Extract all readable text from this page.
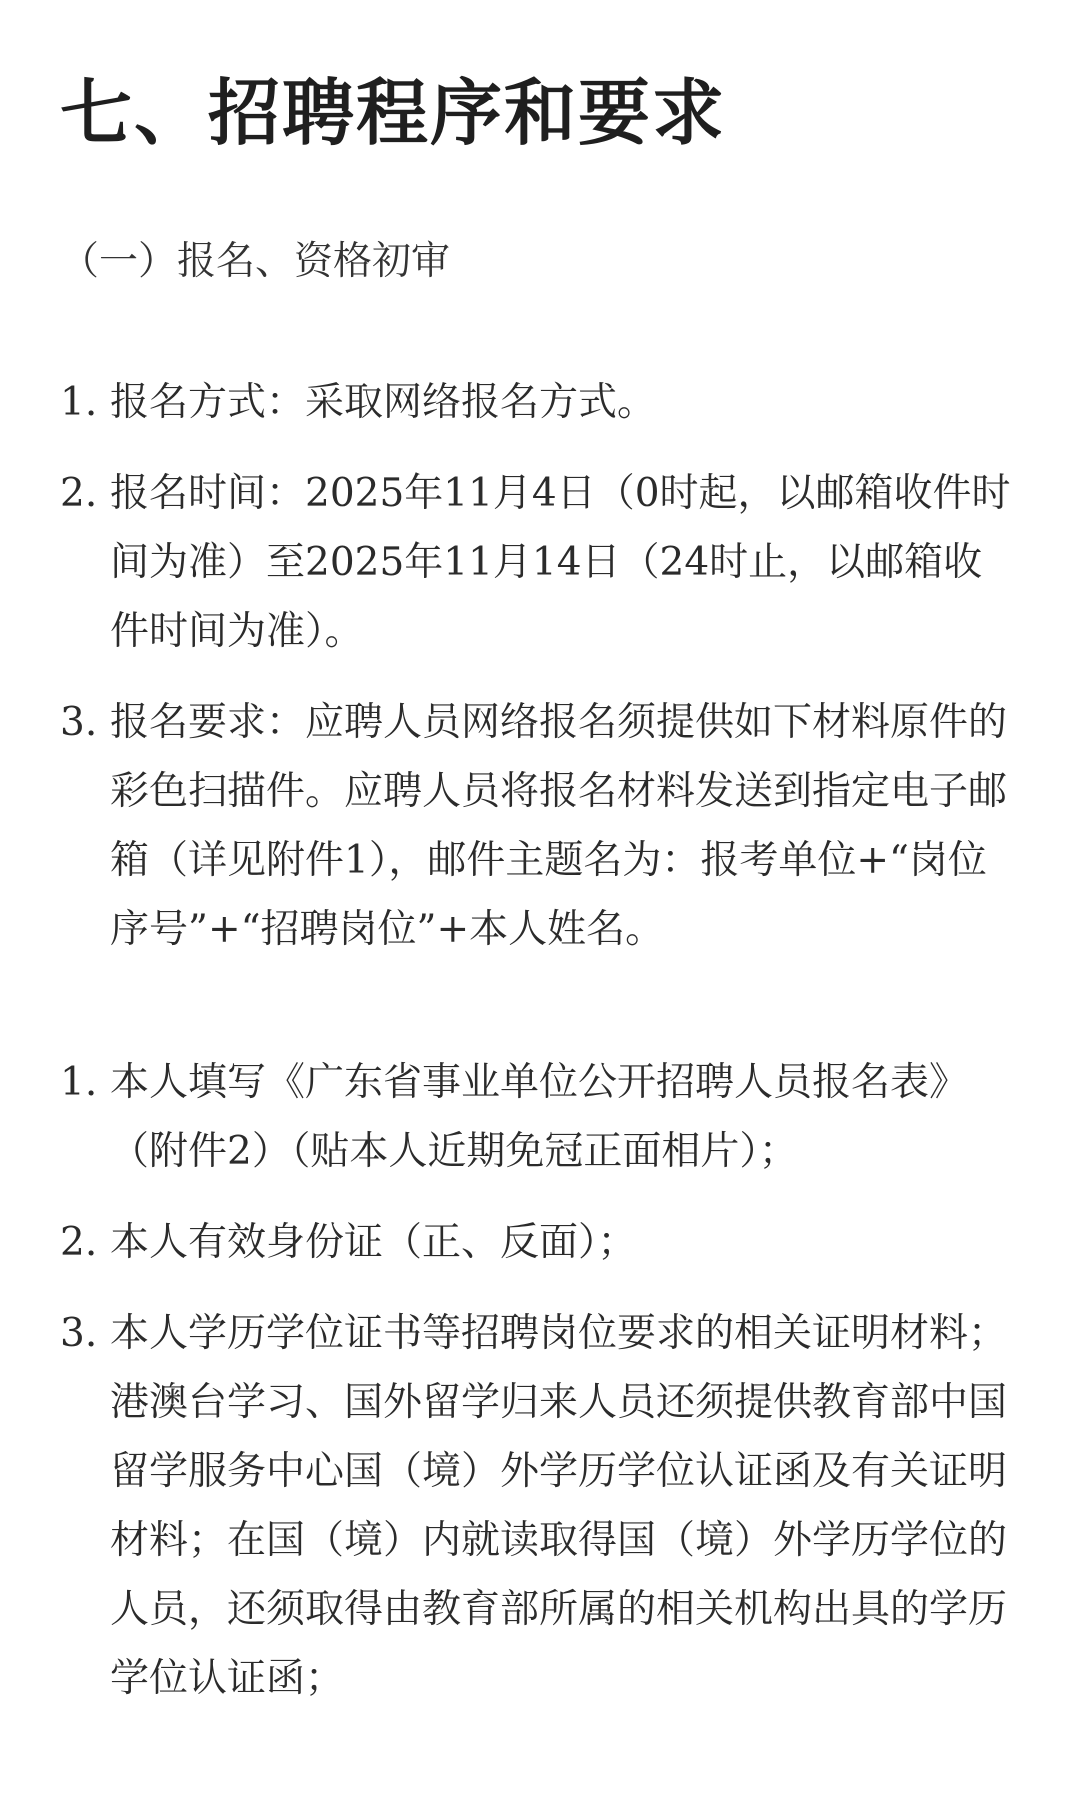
七、招聘程序和要求
（一）报名、资格初审
1. 报名方式：采取网络报名方式。
2. 报名时间：2025年11月4日（0时起，以邮箱收件时间为准）至2025年11月14日（24时止，以邮箱收件时间为准）。
3. 报名要求：应聘人员网络报名须提供如下材料原件的彩色扫描件。应聘人员将报名材料发送到指定电子邮箱（详见附件1），邮件主题名为：报考单位+“岗位序号”+“招聘岗位”+本人姓名。
1. 本人填写《广东省事业单位公开招聘人员报名表》（附件2）（贴本人近期免冠正面相片）；
2. 本人有效身份证（正、反面）；
3. 本人学历学位证书等招聘岗位要求的相关证明材料；港澳台学习、国外留学归来人员还须提供教育部中国留学服务中心国（境）外学历学位认证函及有关证明材料；在国（境）内就读取得国（境）外学历学位的人员，还须取得由教育部所属的相关机构出具的学历学位认证函；
